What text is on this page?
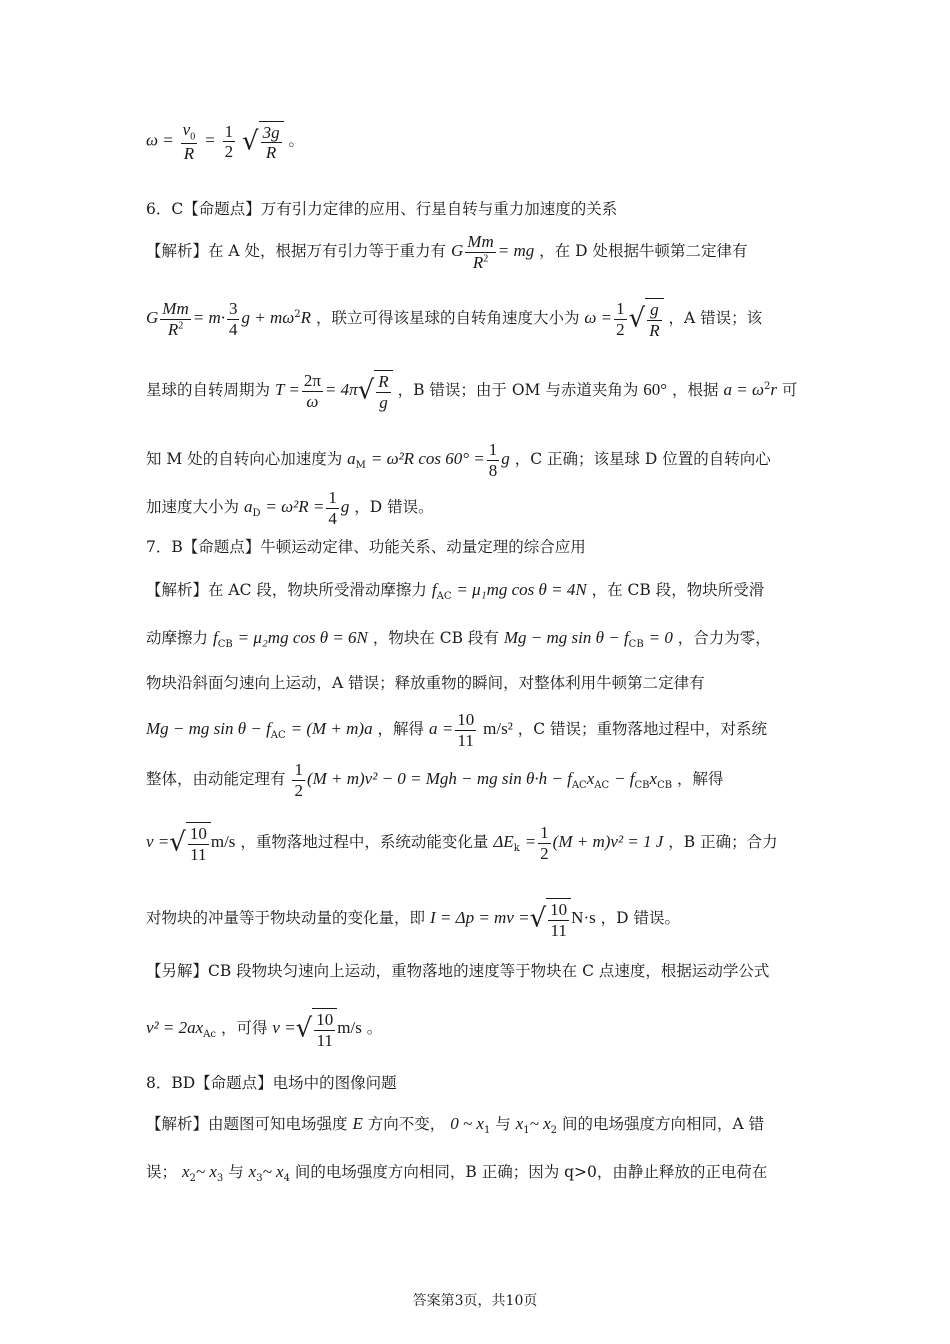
$\omega = \frac{v_0}{R} = \frac{1}{2}$ √ $\frac{3g}{R}$ 。
6．C【命题点】万有引力定律的应用、行星自转与重力加速度的关系
【解析】在 A 处，根据万有引力等于重力有 G $\frac{Mm}{R^2}$ = mg ，在 D 处根据牛顿第二定律有
G $\frac{Mm}{R^2} = m\cdot \frac{3}{4}$ $g + m\omega^2R$ ，联立可得该星球的自转角速度大小为 $\omega = \frac{1}{2}$ √ $\frac{g}{R}$ ，A 错误；该
星球的自转周期为 $T = \frac{2\pi}{\omega} = 4\pi√ \frac{R}{g}$ ，B 错误；由于 OM 与赤道夹角为 60° ，根据 $a = \omega^2r$ 可
知 M 处的自转向心加速度为 $a_M = \omega^2R$ $\cos 60^\circ = \frac{1}{8}$ g ，C 正确；该星球 D 位置的自转向心
加速度大小为 $a_D = \omega^2R = \frac{1}{4}$ g ，D 错误。
7．B【命题点】牛顿运动定律、功能关系、动量定理的综合应用
【解析】在 AC 段，物块所受滑动摩擦力 $f_{AC} = \mu_1mg$ cos θ = 4N ，在 CB 段，物块所受滑
动摩擦力 $f_{CB} = \mu_2mg$ cos θ = 6N ，物块在 CB 段有 Mg − mg $\sin \theta - f_{CB} = 0$ ，合力为零，
物块沿斜面匀速向上运动，A 错误；释放重物的瞬间，对整体利用牛顿第二定律有
Mg − mg $\sin \theta - f_{AC} = (M + m)a$ ，解得 $a = \frac{10}{11} m/s^2$ ，C 错误；重物落地过程中，对系统
整体，由动能定理有 $\frac{1}{2} (M + m)v^2 - 0$ = Mgh − mg $\sin \theta\cdot h - f_{AC}x_{AC} - f_{CB}x_{CB}$ ，解得
v =√ $\frac{10}{11} m/s$ ，重物落地过程中，系统动能变化量 $\Delta E_k = \frac{1}{2} (M + m)v^2 = 1$ J ，B 正确；合力
对物块的冲量等于物块动量的变化量，即 I = Δp = mv =√ $\frac{10}{11} N\cdot s$ ，D 错误。
【另解】CB 段物块匀速向上运动，重物落地的速度等于物块在 C 点速度，根据运动学公式
$v^2 = 2ax_{Ac}$ ，可得 v =√ $\frac{10}{11} m/s$ 。
8．BD【命题点】电场中的图像问题
【解析】由题图可知电场强度 E 方向不变， 0 ~ $x_1$ 与 $x_1\sim$ $x_2$ 间的电场强度方向相同，A 错
误； $x_2\sim$ $x_3$ 与 $x_3\sim$ $x_4$ 间的电场强度方向相同，B 正确；因为 q>0，由静止释放的正电荷在
答案第3页，共10页
